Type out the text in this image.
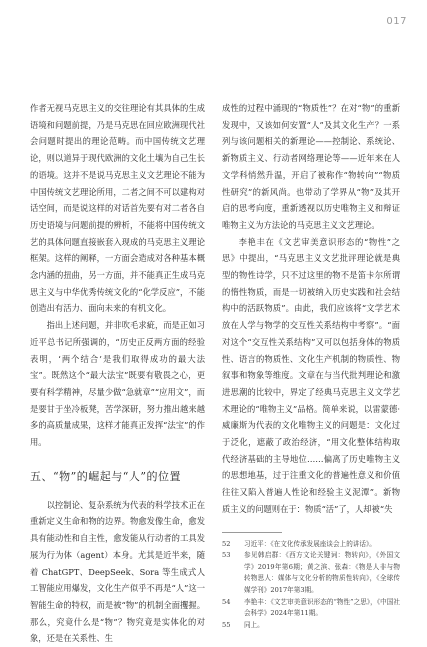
017

作者无视马克思主义的交往理论有其具体的生成语境和问题前提，乃是马克思在回应欧洲现代社会问题时提出的理论范畴。而中国传统文艺理论，则以道异于现代欧洲的文化土壤为自己生长的语境。这并不是说马克思主义文艺理论不能为中国传统文艺理论所用，二者之间不可以建构对话空间，而是说这样的对话首先要有对二者各自历史语境与问题前提的辨析，不能将中国传统文艺的具体问题直接嵌套入现成的马克思主义理论框架。这样的阐释，一方面会造成对各种基本概念内涵的扭曲，另一方面，并不能真正生成马克思主义与中华优秀传统文化的“化学反应”，不能创造出有活力、面向未来的有机文化。

指出上述问题，并非吹毛求疵，而是正如习近平总书记所强调的，“历史正反两方面的经验表明，‘两个结合’是我们取得成功的最大法宝”。既然这个“最大法宝”既要有敬畏之心，更要有科学精神，尽量少做“急就章”“应用文”，而是要甘于坐冷板凳，苦学深研，努力推出越来越多的高质量成果，这样才能真正发挥“法宝”的作用。

五、“物”的崛起与“人”的位置

以控制论、复杂系统为代表的科学技术正在重新定义生命和物的边界。物愈发像生命，愈发具有能动性和自主性，愈发能从行动者的工具发展为行为体（agent）本身。尤其是近半来，随着 ChatGPT、DeepSeek、Sora 等生成式人工智能应用爆发，文化生产似乎不再是“人”这一智能生命的特权，而是被“物”的机制全面攫握。那么，究竟什么是“物”？物究竟是实体化的对象，还是在关系性、生

成性的过程中涌现的“物质性”？在对“物”的重新发现中，又该如何安置“人”及其文化生产？一系列与该问题相关的新理论——控制论、系统论、新物质主义、行动者网络理论等——近年来在人文学科悄然升温，开启了被称作“物转向”“物质性研究”的新风尚。也带动了学界从“物”及其开启的思考向度，重新透视以历史唯物主义和辩证唯物主义为方法论的马克思主义文艺理论。

李艳丰在《文艺审美意识形态的“物性”之思》中提出，“马克思主义文艺批评理论就是典型的物性诗学，只不过这里的物不是笛卡尔所谓的惰性物质，而是一切被纳入历史实践和社会结构中的活跃物质”。由此，我们应该将“文学艺术放在人学与物学的交互性关系结构中考察”。“面对这个“交互性关系结构”又可以包括身体的物质性、语言的物质性、文化生产机制的物质性、物叙事和物象等维度。文章在与当代批判理论和激进思潮的比较中，界定了经典马克思主义文学艺术理论的“唯物主义”品格。简单来说，以雷蒙德·威廉斯为代表的文化唯物主义的问题是：文化过于泛化，遮蔽了政治经济，“用文化整体结构取代经济基础的主导地位……偏离了历史唯物主义的思想地基，过于注重文化的普遍性意义和价值往往又陷入普遍人性论和经验主义泥潭”。新物质主义的问题则在于：物质“活”了，人却被“失

52	习近平：《在文化传承发展座谈会上的讲话》。
53	参见韩启群：《西方文论关键词：物转向》，《外国文学》2019年第6期；黄之滨、张森：《物是人非与物转物思人：媒体与文化分析的物质性转向》，《全球传媒学刊》2017年第3期。
54	李艳丰：《文艺审美意识形态的“物性”之思》，《中国社会科学》2024年第11期。
55	同上。
